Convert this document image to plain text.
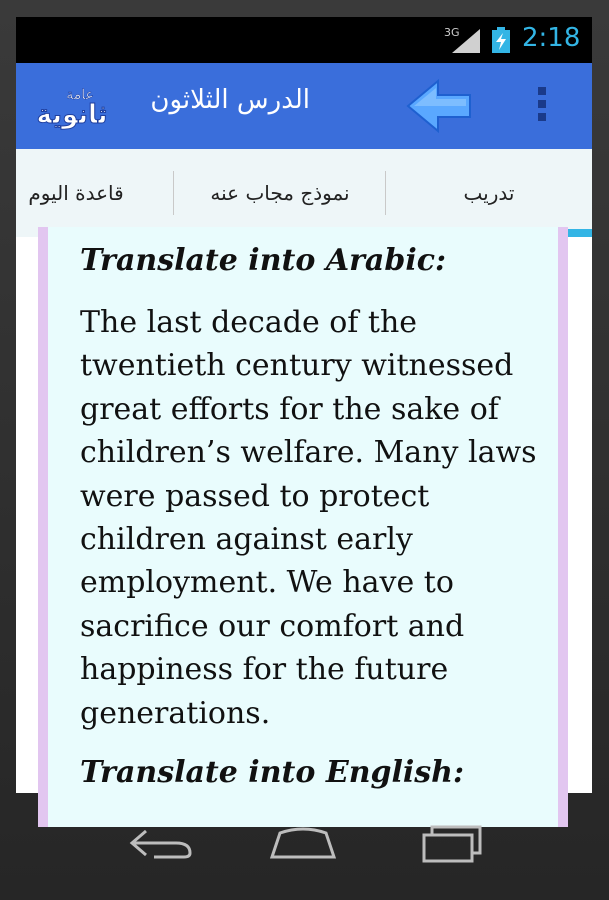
3G 2:18
عامة
ثانوية الدرس الثلاثون
قاعدة اليوم	نموذج مجاب عنه	تدريب

Translate into Arabic:

The last decade of the twentieth century witnessed great efforts for the sake of children’s welfare. Many laws were passed to protect children against early employment. We have to sacrifice our comfort and happiness for the future generations.

Translate into English:
